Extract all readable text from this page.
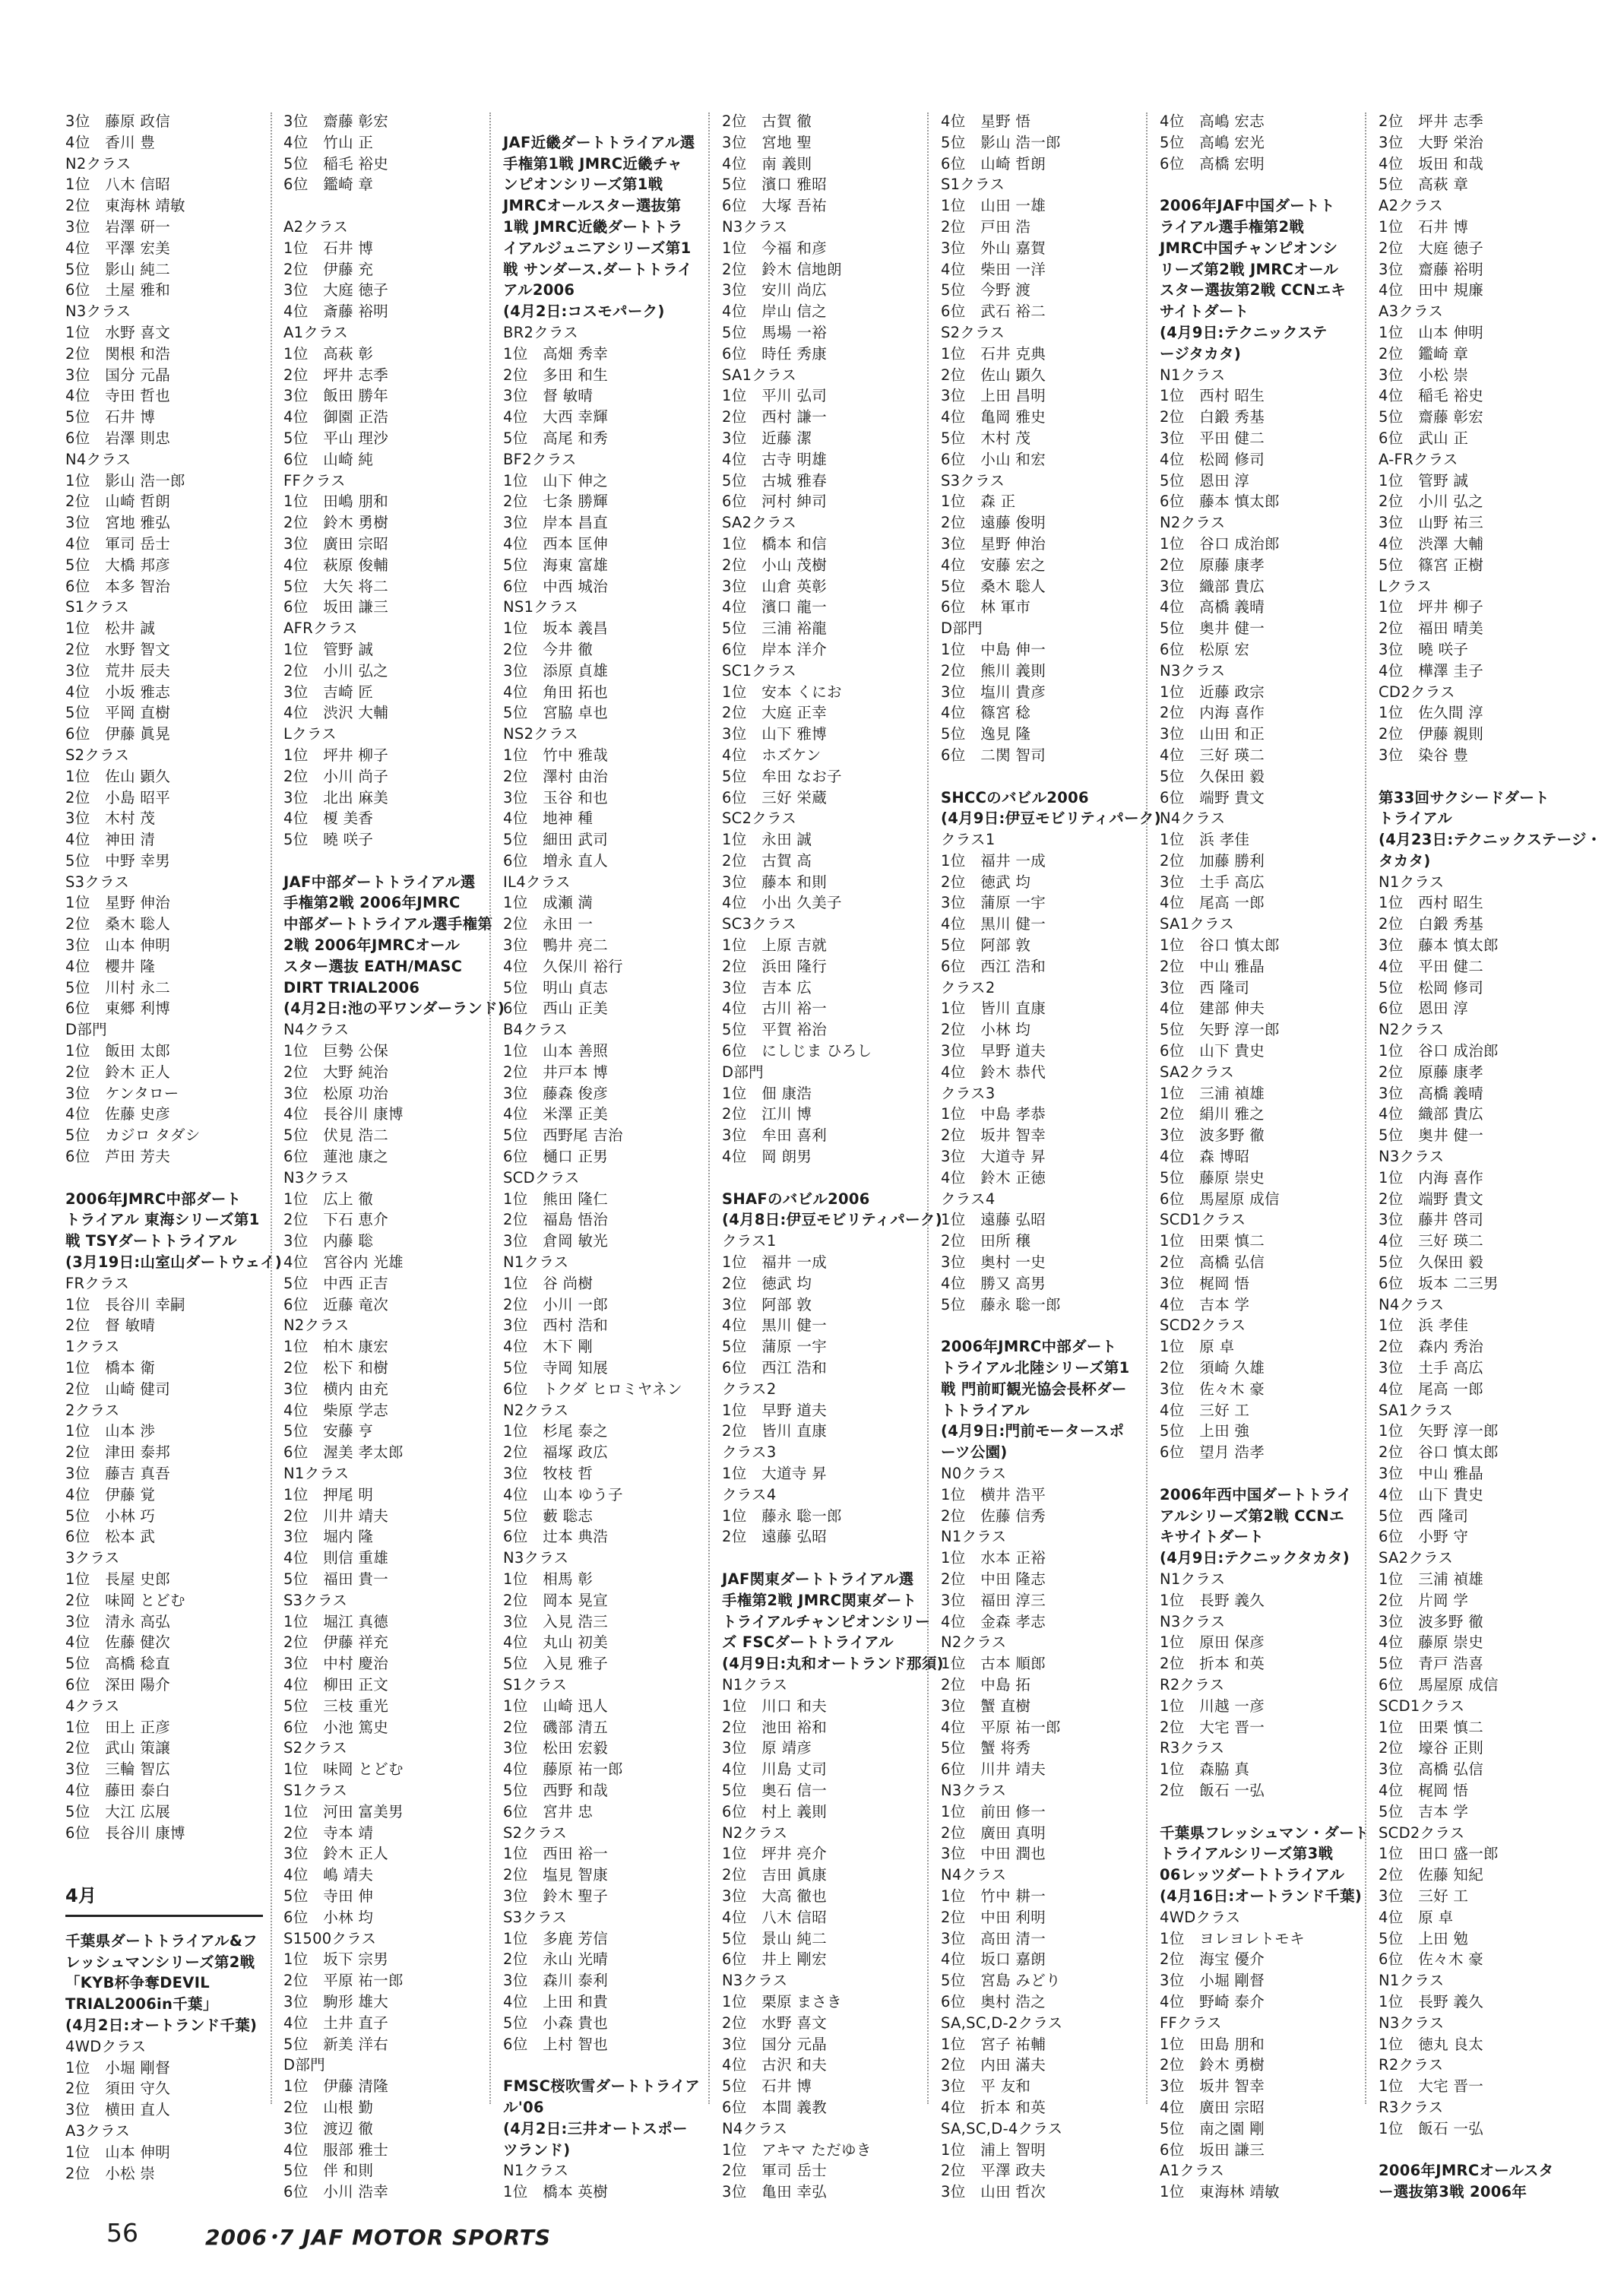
3位　藤原 政信
4位　香川 豊
N2クラス
1位　八木 信昭
2位　東海林 靖敏
3位　岩澤 研一
4位　平澤 宏美
5位　影山 純二
6位　土屋 雅和
N3クラス
1位　水野 喜文
2位　関根 和浩
3位　国分 元晶
4位　寺田 哲也
5位　石井 博
6位　岩澤 則忠
N4クラス
1位　影山 浩一郎
2位　山崎 哲朗
3位　宮地 雅弘
4位　軍司 岳士
5位　大橋 邦彦
6位　本多 智治
S1クラス
1位　松井 誠
2位　水野 智文
3位　荒井 辰夫
4位　小坂 雅志
5位　平岡 直樹
6位　伊藤 眞晃
S2クラス
1位　佐山 顕久
2位　小島 昭平
3位　木村 茂
4位　神田 清
5位　中野 幸男
S3クラス
1位　星野 伸治
2位　桑木 聡人
3位　山本 伸明
4位　櫻井 隆
5位　川村 永二
6位　東郷 利博
D部門
1位　飯田 太郎
2位　鈴木 正人
3位　ケンタロー
4位　佐藤 史彦
5位　カジロ タダシ
6位　芦田 芳夫
2006年JMRC中部ダート
トライアル 東海シリーズ第1
戦 TSYダートトライアル
(3月19日:山室山ダートウェイ)
FRクラス
1位　長谷川 幸嗣
2位　督 敏晴
1クラス
1位　橋本 衛
2位　山崎 健司
2クラス
1位　山本 渉
2位　津田 泰邦
3位　藤吉 真吾
4位　伊藤 覚
5位　小林 巧
6位　松本 武
3クラス
1位　長屋 史郎
2位　味岡 とどむ
3位　清永 高弘
4位　佐藤 健次
5位　高橋 稔直
6位　深田 陽介
4クラス
1位　田上 正彦
2位　武山 策譲
3位　三輪 智広
4位　藤田 泰白
5位　大江 広展
6位　長谷川 康博
4月
千葉県ダートトライアル&フ
レッシュマンシリーズ第2戦
「KYB杯争奪DEVIL
TRIAL2006in千葉」
(4月2日:オートランド千葉)
4WDクラス
1位　小堀 剛督
2位　須田 守久
3位　横田 直人
A3クラス
1位　山本 伸明
2位　小松 崇
3位　齋藤 彰宏
4位　竹山 正
5位　稲毛 裕史
6位　鑑崎 章
A2クラス
1位　石井 博
2位　伊藤 充
3位　大庭 徳子
4位　斎藤 裕明
A1クラス
1位　高萩 彰
2位　坪井 志季
3位　飯田 勝年
4位　御園 正浩
5位　平山 理沙
6位　山崎 純
FFクラス
1位　田嶋 朋和
2位　鈴木 勇樹
3位　廣田 宗昭
4位　萩原 俊輔
5位　大矢 将二
6位　坂田 謙三
AFRクラス
1位　管野 誠
2位　小川 弘之
3位　吉崎 匠
4位　渋沢 大輔
Lクラス
1位　坪井 柳子
2位　小川 尚子
3位　北出 麻美
4位　榎 美香
5位　曉 咲子
JAF中部ダートトライアル選
手権第2戦 2006年JMRC
中部ダートトライアル選手権第
2戦 2006年JMRCオール
スター選抜 EATH/MASC
DIRT TRIAL2006
(4月2日:池の平ワンダーランド)
N4クラス
1位　巨勢 公保
2位　大野 純治
3位　松原 功治
4位　長谷川 康博
5位　伏見 浩二
6位　蓮池 康之
N3クラス
1位　広上 徹
2位　下石 恵介
3位　内藤 聡
4位　宮谷内 光雄
5位　中西 正吉
6位　近藤 竜次
N2クラス
1位　柏木 康宏
2位　松下 和樹
3位　横内 由充
4位　柴原 学志
5位　安藤 亨
6位　渥美 孝太郎
N1クラス
1位　押尾 明
2位　川井 靖夫
3位　堀内 隆
4位　則信 重雄
5位　福田 貴一
S3クラス
1位　堀江 真德
2位　伊藤 祥充
3位　中村 慶治
4位　柳田 正文
5位　三枝 重光
6位　小池 篤史
S2クラス
1位　味岡 とどむ
S1クラス
1位　河田 富美男
2位　寺本 靖
3位　鈴木 正人
4位　嶋 靖夫
5位　寺田 伸
6位　小林 均
S1500クラス
1位　坂下 宗男
2位　平原 祐一郎
3位　駒形 雄大
4位　土井 直子
5位　新美 洋右
D部門
1位　伊藤 清隆
2位　山根 勤
3位　渡辺 徹
4位　服部 雅士
5位　伴 和則
6位　小川 浩幸
JAF近畿ダートトライアル選
手権第1戦 JMRC近畿チャ
ンピオンシリーズ第1戦
JMRCオールスター選抜第
1戦 JMRC近畿ダートトラ
イアルジュニアシリーズ第1
戦 サンダース.ダートトライ
アル2006
(4月2日:コスモパーク)
BR2クラス
1位　高畑 秀幸
2位　多田 和生
3位　督 敏晴
4位　大西 幸輝
5位　高尾 和秀
BF2クラス
1位　山下 伸之
2位　七条 勝輝
3位　岸本 昌直
4位　西本 匡伸
5位　海東 富雄
6位　中西 城治
NS1クラス
1位　坂本 義昌
2位　今井 徹
3位　添原 貞雄
4位　角田 拓也
5位　宮脇 卓也
NS2クラス
1位　竹中 雅哉
2位　澤村 由治
3位　玉谷 和也
4位　地神 種
5位　細田 武司
6位　増永 直人
IL4クラス
1位　成瀬 満
2位　永田 一
3位　鴨井 亮二
4位　久保川 裕行
5位　明山 貞志
6位　西山 正美
B4クラス
1位　山本 善照
2位　井戸本 博
3位　藤森 俊彦
4位　米澤 正美
5位　西野尾 吉治
6位　樋口 正男
SCDクラス
1位　熊田 隆仁
2位　福島 悟治
3位　倉岡 敏光
N1クラス
1位　谷 尚樹
2位　小川 一郎
3位　西村 浩和
4位　木下 剛
5位　寺岡 知展
6位　トクダ ヒロミヤネン
N2クラス
1位　杉尾 泰之
2位　福塚 政広
3位　牧枝 哲
4位　山本 ゆう子
5位　藪 聡志
6位　辻本 典浩
N3クラス
1位　相馬 彰
2位　岡本 晃宣
3位　入見 浩三
4位　丸山 初美
5位　入見 雅子
S1クラス
1位　山崎 迅人
2位　磯部 清五
3位　松田 宏毅
4位　藤原 祐一郎
5位　西野 和哉
6位　宮井 忠
S2クラス
1位　西田 裕一
2位　塩見 智康
3位　鈴木 聖子
S3クラス
1位　多鹿 芳信
2位　永山 光晴
3位　森川 泰利
4位　上田 和貴
5位　小森 貴也
6位　上村 智也
FMSC桜吹雪ダートトライア
ル'06
(4月2日:三井オートスポー
ツランド)
N1クラス
1位　橋本 英樹
2位　古賀 徹
3位　宮地 聖
4位　南 義則
5位　濱口 雅昭
6位　大塚 吾祐
N3クラス
1位　今福 和彦
2位　鈴木 信地朗
3位　安川 尚広
4位　岸山 信之
5位　馬場 一裕
6位　時任 秀康
SA1クラス
1位　平川 弘司
2位　西村 謙一
3位　近藤 潔
4位　古寺 明雄
5位　古城 雅春
6位　河村 紳司
SA2クラス
1位　橋本 和信
2位　小山 茂樹
3位　山倉 英彰
4位　濱口 龍一
5位　三浦 裕龍
6位　岸本 洋介
SC1クラス
1位　安本 くにお
2位　大庭 正幸
3位　山下 雅博
4位　ホズケン
5位　牟田 なお子
6位　三好 栄蔵
SC2クラス
1位　永田 誠
2位　古賀 高
3位　藤本 和則
4位　小出 久美子
SC3クラス
1位　上原 吉就
2位　浜田 隆行
3位　吉本 広
4位　古川 裕一
5位　平賀 裕治
6位　にしじま ひろし
D部門
1位　佃 康浩
2位　江川 博
3位　牟田 喜利
4位　岡 朗男
SHAFのバビル2006
(4月8日:伊豆モビリティパーク)
クラス1
1位　福井 一成
2位　徳武 均
3位　阿部 敦
4位　黒川 健一
5位　蒲原 一宇
6位　西江 浩和
クラス2
1位　早野 道夫
2位　皆川 直康
クラス3
1位　大道寺 昇
クラス4
1位　藤永 聡一郎
2位　遠藤 弘昭
JAF関東ダートトライアル選
手権第2戦 JMRC関東ダート
トライアルチャンピオンシリー
ズ FSCダートトライアル
(4月9日:丸和オートランド那須)
N1クラス
1位　川口 和夫
2位　池田 裕和
3位　原 靖彦
4位　川島 丈司
5位　奥石 信一
6位　村上 義則
N2クラス
1位　坪井 亮介
2位　吉田 眞康
3位　大高 徹也
4位　八木 信昭
5位　景山 純二
6位　井上 剛宏
N3クラス
1位　栗原 まさき
2位　水野 喜文
3位　国分 元晶
4位　古沢 和夫
5位　石井 博
6位　本間 義教
N4クラス
1位　アキマ ただゆき
2位　軍司 岳士
3位　亀田 幸弘
4位　星野 悟
5位　影山 浩一郎
6位　山崎 哲朗
S1クラス
1位　山田 一雄
2位　戸田 浩
3位　外山 嘉賀
4位　柴田 一洋
5位　今野 渡
6位　武石 裕二
S2クラス
1位　石井 克典
2位　佐山 顕久
3位　上田 昌明
4位　亀岡 雅史
5位　木村 茂
6位　小山 和宏
S3クラス
1位　森 正
2位　遠藤 俊明
3位　星野 伸治
4位　安藤 宏之
5位　桑木 聡人
6位　林 軍市
D部門
1位　中島 伸一
2位　熊川 義則
3位　塩川 貴彦
4位　篠宮 稔
5位　逸見 隆
6位　二関 智司
SHCCのバビル2006
(4月9日:伊豆モビリティパーク)
クラス1
1位　福井 一成
2位　徳武 均
3位　蒲原 一宇
4位　黒川 健一
5位　阿部 敦
6位　西江 浩和
クラス2
1位　皆川 直康
2位　小林 均
3位　早野 道夫
4位　鈴木 恭代
クラス3
1位　中島 孝恭
2位　坂井 智幸
3位　大道寺 昇
4位　鈴木 正徳
クラス4
1位　遠藤 弘昭
2位　田所 穣
3位　奥村 一史
4位　勝又 高男
5位　藤永 聡一郎
2006年JMRC中部ダート
トライアル北陸シリーズ第1
戦 門前町観光協会長杯ダー
トトライアル
(4月9日:門前モータースポ
ーツ公園)
N0クラス
1位　横井 浩平
2位　佐藤 信秀
N1クラス
1位　水本 正裕
2位　中田 隆志
3位　福田 淳三
4位　金森 孝志
N2クラス
1位　古本 順郎
2位　中島 拓
3位　蟹 直樹
4位　平原 祐一郎
5位　蟹 将秀
6位　川井 靖夫
N3クラス
1位　前田 修一
2位　廣田 真明
3位　中田 潤也
N4クラス
1位　竹中 耕一
2位　中田 利明
3位　高田 清一
4位　坂口 嘉朗
5位　宮島 みどり
6位　奥村 浩之
SA,SC,D-2クラス
1位　宮子 祐輔
2位　内田 滿夫
3位　平 友和
4位　折本 和英
SA,SC,D-4クラス
1位　浦上 智明
2位　平澤 政夫
3位　山田 哲次
4位　高嶋 宏志
5位　高嶋 宏光
6位　高橋 宏明
2006年JAF中国ダートト
ライアル選手権第2戦
JMRC中国チャンピオンシ
リーズ第2戦 JMRCオール
スター選抜第2戦 CCNエキ
サイトダート
(4月9日:テクニックステ
ージタカタ)
N1クラス
1位　西村 昭生
2位　白鍛 秀基
3位　平田 健二
4位　松岡 修司
5位　恩田 淳
6位　藤本 慎太郎
N2クラス
1位　谷口 成治郎
2位　原藤 康孝
3位　織部 貴広
4位　高橋 義晴
5位　奥井 健一
6位　松原 宏
N3クラス
1位　近藤 政宗
2位　内海 喜作
3位　山田 和正
4位　三好 瑛二
5位　久保田 毅
6位　端野 貴文
N4クラス
1位　浜 孝佳
2位　加藤 勝利
3位　土手 高広
4位　尾高 一郎
SA1クラス
1位　谷口 慎太郎
2位　中山 雅晶
3位　西 隆司
4位　建部 伸夫
5位　矢野 淳一郎
6位　山下 貴史
SA2クラス
1位　三浦 禎雄
2位　絹川 雅之
3位　波多野 徹
4位　森 博昭
5位　藤原 崇史
6位　馬屋原 成信
SCD1クラス
1位　田栗 慎二
2位　高橋 弘信
3位　梶岡 悟
4位　吉本 学
SCD2クラス
1位　原 卓
2位　須崎 久雄
3位　佐々木 豪
4位　三好 工
5位　上田 強
6位　望月 浩孝
2006年西中国ダートトライ
アルシリーズ第2戦 CCNエ
キサイトダート
(4月9日:テクニックタカタ)
N1クラス
1位　長野 義久
N3クラス
1位　原田 保彦
2位　折本 和英
R2クラス
1位　川越 一彦
2位　大宅 晋一
R3クラス
1位　森脇 真
2位　飯石 一弘
千葉県フレッシュマン・ダート
トライアルシリーズ第3戦
06レッツダートトライアル
(4月16日:オートランド千葉)
4WDクラス
1位　ヨレヨレトモキ
2位　海宝 優介
3位　小堀 剛督
4位　野崎 泰介
FFクラス
1位　田島 朋和
2位　鈴木 勇樹
3位　坂井 智幸
4位　廣田 宗昭
5位　南之園 剛
6位　坂田 謙三
A1クラス
1位　東海林 靖敏
2位　坪井 志季
3位　大野 栄治
4位　坂田 和哉
5位　高萩 章
A2クラス
1位　石井 博
2位　大庭 徳子
3位　齋藤 裕明
4位　田中 規廉
A3クラス
1位　山本 伸明
2位　鑑崎 章
3位　小松 崇
4位　稲毛 裕史
5位　齋藤 彰宏
6位　武山 正
A-FRクラス
1位　管野 誠
2位　小川 弘之
3位　山野 祐三
4位　渋澤 大輔
5位　篠宮 正樹
Lクラス
1位　坪井 柳子
2位　福田 晴美
3位　曉 咲子
4位　樺澤 圭子
CD2クラス
1位　佐久間 淳
2位　伊藤 親則
3位　染谷 豊
第33回サクシードダート
トライアル
(4月23日:テクニックステージ・
タカタ)
N1クラス
1位　西村 昭生
2位　白鍛 秀基
3位　藤本 慎太郎
4位　平田 健二
5位　松岡 修司
6位　恩田 淳
N2クラス
1位　谷口 成治郎
2位　原藤 康孝
3位　高橋 義晴
4位　織部 貴広
5位　奥井 健一
N3クラス
1位　内海 喜作
2位　端野 貴文
3位　藤井 啓司
4位　三好 瑛二
5位　久保田 毅
6位　坂本 二三男
N4クラス
1位　浜 孝佳
2位　森内 秀治
3位　土手 高広
4位　尾高 一郎
SA1クラス
1位　矢野 淳一郎
2位　谷口 慎太郎
3位　中山 雅晶
4位　山下 貴史
5位　西 隆司
6位　小野 守
SA2クラス
1位　三浦 禎雄
2位　片岡 学
3位　波多野 徹
4位　藤原 崇史
5位　青戸 浩喜
6位　馬屋原 成信
SCD1クラス
1位　田栗 慎二
2位　壕谷 正則
3位　高橋 弘信
4位　梶岡 悟
5位　吉本 学
SCD2クラス
1位　田口 盛一郎
2位　佐藤 知紀
3位　三好 工
4位　原 卓
5位　上田 勉
6位　佐々木 豪
N1クラス
1位　長野 義久
N3クラス
1位　徳丸 良太
R2クラス
1位　大宅 晋一
R3クラス
1位　飯石 一弘
2006年JMRCオールスタ
ー選抜第3戦 2006年
56	2006･7 JAF MOTOR SPORTS
